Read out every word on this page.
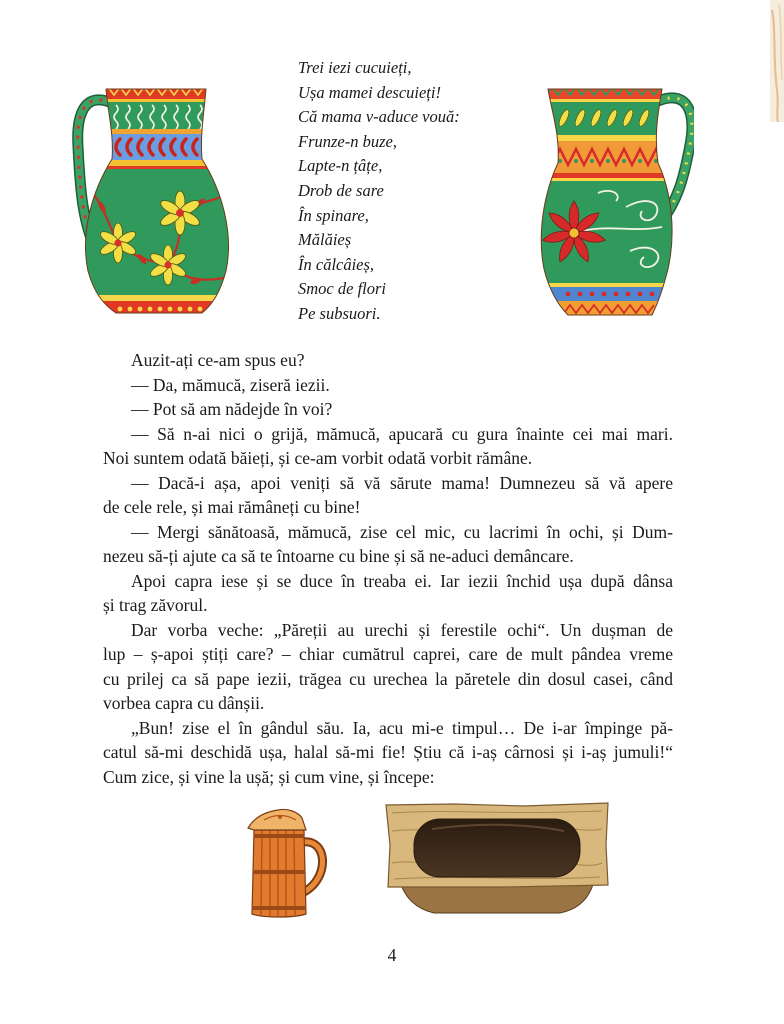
Trei iezi cucuieți,
Ușa mamei descuieți!
Că mama v-aduce vouă:
Frunze-n buze,
Lapte-n țâțe,
Drob de sare
În spinare,
Mălăieș
În călcâieș,
Smoc de flori
Pe subsuori.
Auzit-ați ce-am spus eu?
— Da, mămucă, ziseră iezii.
— Pot să am nădejde în voi?
— Să n-ai nici o grijă, mămucă, apucară cu gura înainte cei mai mari.
Noi suntem odată băieți, și ce-am vorbit odată vorbit rămâne.
— Dacă-i așa, apoi veniți să vă sărute mama! Dumnezeu să vă apere
de cele rele, și mai rămâneți cu bine!
— Mergi sănătoasă, mămucă, zise cel mic, cu lacrimi în ochi, și Dum-
nezeu să-ți ajute ca să te întoarne cu bine și să ne-aduci demâncare.
Apoi capra iese și se duce în treaba ei. Iar iezii închid ușa după dânsa
și trag zăvorul.
Dar vorba veche: „Păreții au urechi și ferestile ochi“. Un dușman de
lup – ș-apoi știți care? – chiar cumătrul caprei, care de mult pândea vreme
cu prilej ca să pape iezii, trăgea cu urechea la păretele din dosul casei, când
vorbea capra cu dânșii.
„Bun! zise el în gândul său. Ia, acu mi-e timpul… De i-ar împinge pă-
catul să-mi deschidă ușa, halal să-mi fie! Știu că i-aș cârnosi și i-aș jumuli!“
Cum zice, și vine la ușă; și cum vine, și începe:
4
